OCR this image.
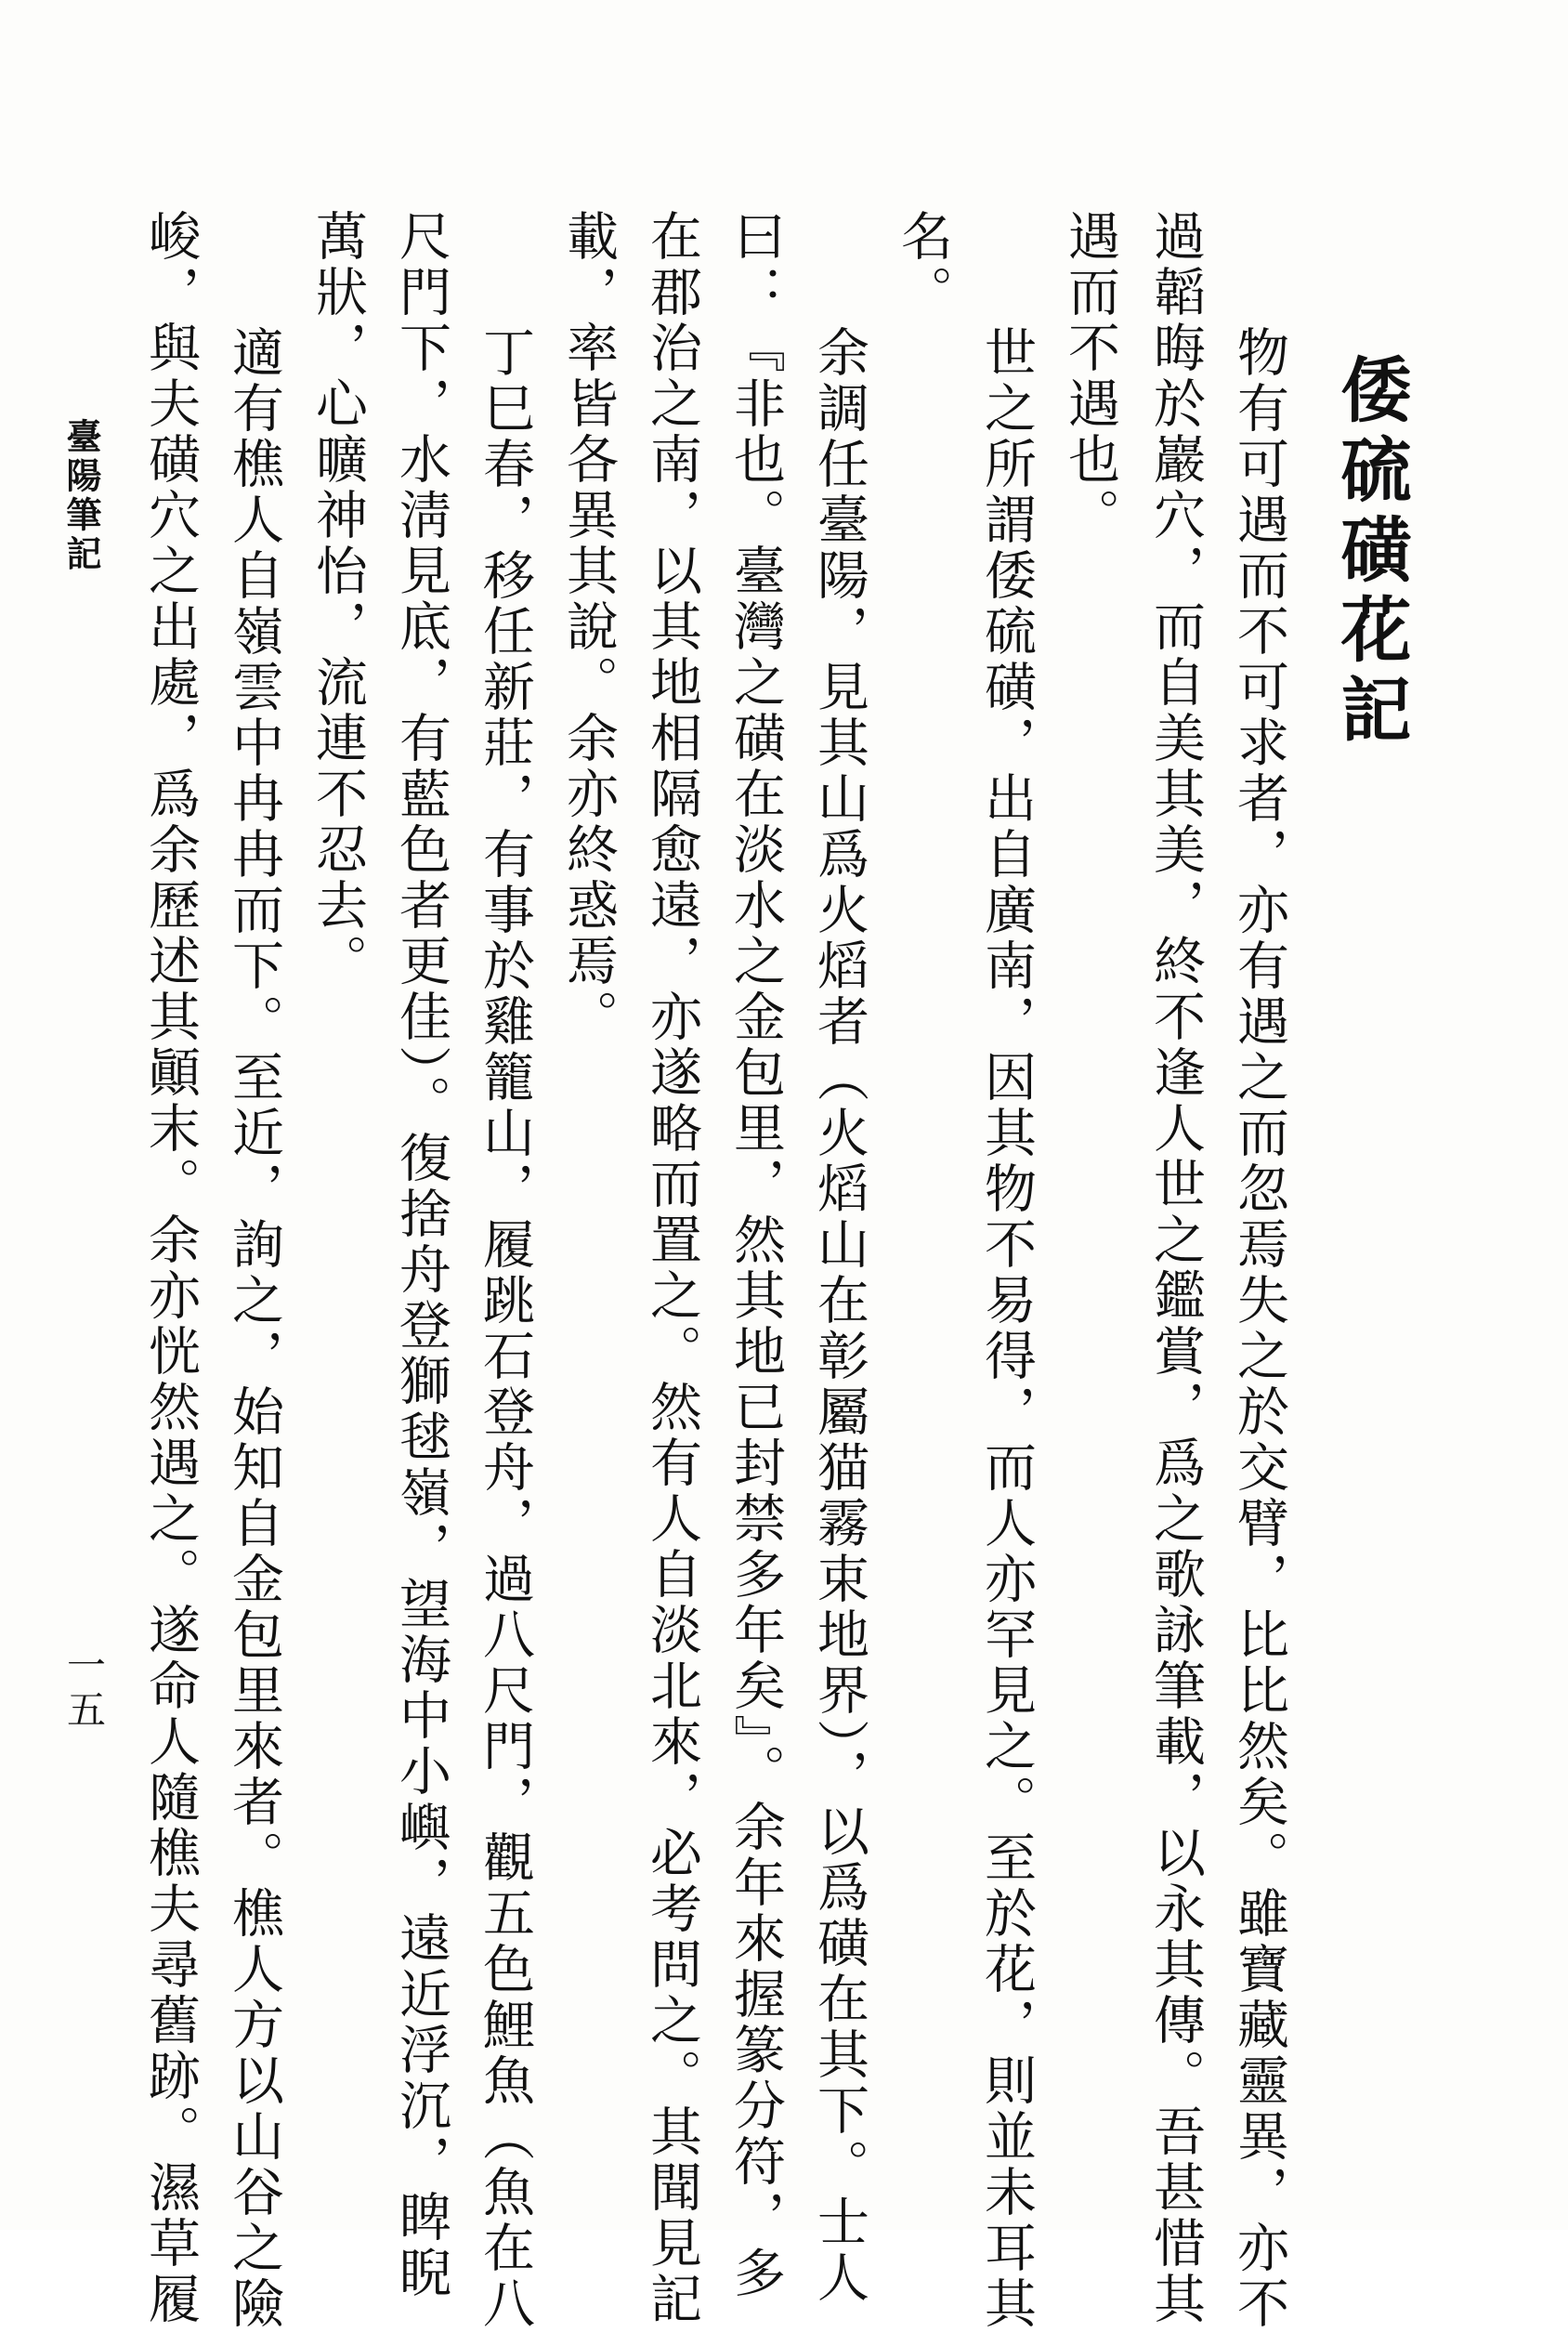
倭硫磺花記
物有可遇而不可求者，亦有遇之而忽焉失之於交臂，比比然矣。雖寶藏靈異，亦不
過韜晦於巖穴，而自美其美，終不逢人世之鑑賞，爲之歌詠筆載，以永其傳。吾甚惜其
遇而不遇也。
世之所謂倭硫磺，出自廣南，因其物不易得，而人亦罕見之。至於花，則並未耳其
名。
余調任臺陽，見其山爲火熖者（火熖山在彰屬猫霧束地界），以爲磺在其下。士人
曰：『非也。臺灣之磺在淡水之金包里，然其地已封禁多年矣』。余年來握篆分符，多
在郡治之南，以其地相隔愈遠，亦遂略而置之。然有人自淡北來，必考問之。其聞見記
載，率皆各異其說。余亦終惑焉。
丁巳春，移任新莊，有事於雞籠山，履跳石登舟，過八尺門，觀五色鯉魚（魚在八
尺門下，水淸見底，有藍色者更佳）。復捨舟登獅毬嶺，望海中小嶼，遠近浮沉，睥睨
萬狀，心曠神怡，流連不忍去。
適有樵人自嶺雲中冉冉而下。至近，詢之，始知自金包里來者。樵人方以山谷之險
峻，與夫磺穴之出處，爲余歷述其顚末。余亦恍然遇之。遂命人隨樵夫尋舊跡。濕草履
臺陽筆記
一五
